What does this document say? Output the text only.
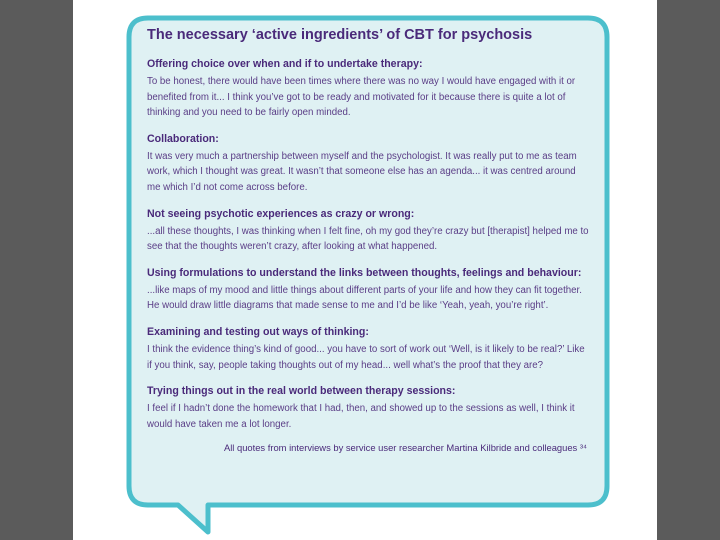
The necessary ‘active ingredients’ of CBT for psychosis
Offering choice over when and if to undertake therapy:
To be honest, there would have been times where there was no way I would have engaged with it or benefited from it... I think you’ve got to be ready and motivated for it because there is quite a lot of thinking and you need to be fairly open minded.
Collaboration:
It was very much a partnership between myself and the psychologist. It was really put to me as team work, which I thought was great. It wasn’t that someone else has an agenda... it was centred around me which I’d not come across before.
Not seeing psychotic experiences as crazy or wrong:
...all these thoughts, I was thinking when I felt fine, oh my god they’re crazy but [therapist] helped me to see that the thoughts weren’t crazy, after looking at what happened.
Using formulations to understand the links between thoughts, feelings and behaviour:
...like maps of my mood and little things about different parts of your life and how they can fit together. He would draw little diagrams that made sense to me and I’d be like ‘Yeah, yeah, you’re right’.
Examining and testing out ways of thinking:
I think the evidence thing’s kind of good... you have to sort of work out ‘Well, is it likely to be real?’ Like if you think, say, people taking thoughts out of my head... well what’s the proof that they are?
Trying things out in the real world between therapy sessions:
I feel if I hadn’t done the homework that I had, then, and showed up to the sessions as well, I think it would have taken me a lot longer.
All quotes from interviews by service user researcher Martina Kilbride and colleagues ³⁴
